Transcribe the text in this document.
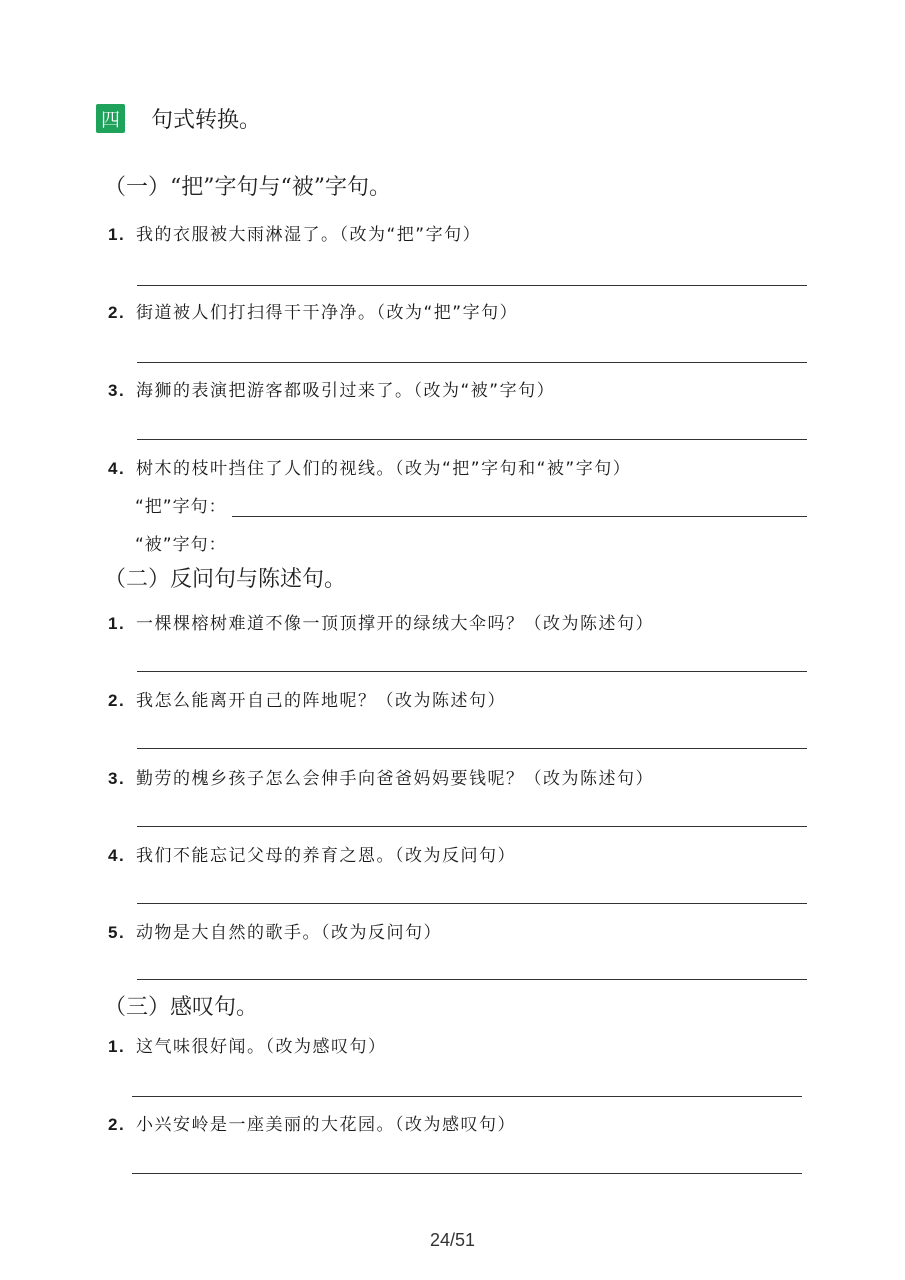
四 句式转换。
（一）“把”字句与“被”字句。
1. 我的衣服被大雨淋湿了。（改为“把”字句）
2. 街道被人们打扫得干干净净。（改为“把”字句）
3. 海狮的表演把游客都吸引过来了。（改为“被”字句）
4. 树木的枝叶挡住了人们的视线。（改为“把”字句和“被”字句）
“把”字句：
“被”字句：
（二）反问句与陈述句。
1. 一棵棵榕树难道不像一顶顶撑开的绿绒大伞吗？（改为陈述句）
2. 我怎么能离开自己的阵地呢？（改为陈述句）
3. 勤劳的槐乡孩子怎么会伸手向爸爸妈妈要钱呢？（改为陈述句）
4. 我们不能忘记父母的养育之恩。（改为反问句）
5. 动物是大自然的歌手。（改为反问句）
（三）感叹句。
1. 这气味很好闻。（改为感叹句）
2. 小兴安岭是一座美丽的大花园。（改为感叹句）
24/51
